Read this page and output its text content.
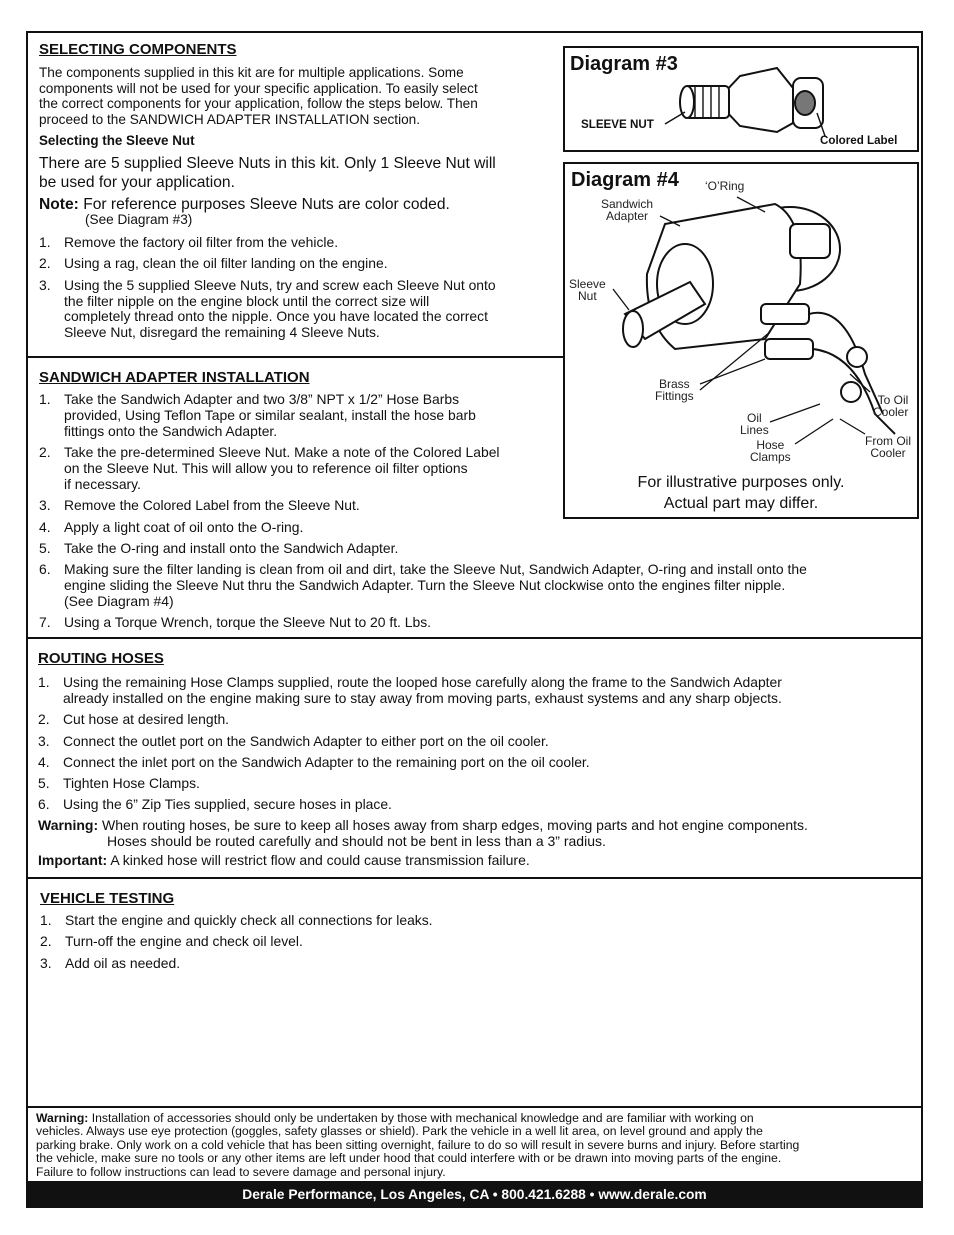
SELECTING COMPONENTS
The components supplied in this kit are for multiple applications. Some
components will not be used for your specific application. To easily select
the correct components for your application, follow the steps below. Then
proceed to the SANDWICH ADAPTER INSTALLATION section.
Selecting the Sleeve Nut
There are 5 supplied Sleeve Nuts in this kit. Only 1 Sleeve Nut will
be used for your application.
Note: For reference purposes Sleeve Nuts are color coded.
(See Diagram #3)
1. Remove the factory oil filter from the vehicle.
2. Using a rag, clean the oil filter landing on the engine.
3. Using the 5 supplied Sleeve Nuts, try and screw each Sleeve Nut onto
the filter nipple on the engine block until the correct size will
completely thread onto the nipple. Once you have located the correct
Sleeve Nut, disregard the remaining 4 Sleeve Nuts.
Diagram #3
SLEEVE NUT
Colored Label
Diagram #4 ‘O’Ring
Sandwich
Adapter
Sleeve
Nut
Brass
Fittings
Oil
Lines
Hose
Clamps
To Oil
Cooler
From Oil
Cooler
For illustrative purposes only.
Actual part may differ.
SANDWICH ADAPTER INSTALLATION
1. Take the Sandwich Adapter and two 3/8” NPT x 1/2” Hose Barbs
provided, Using Teflon Tape or similar sealant, install the hose barb
fittings onto the Sandwich Adapter.
2. Take the pre-determined Sleeve Nut. Make a note of the Colored Label
on the Sleeve Nut. This will allow you to reference oil filter options
if necessary.
3. Remove the Colored Label from the Sleeve Nut.
4. Apply a light coat of oil onto the O-ring.
5. Take the O-ring and install onto the Sandwich Adapter.
6. Making sure the filter landing is clean from oil and dirt, take the Sleeve Nut, Sandwich Adapter, O-ring and install onto the
engine sliding the Sleeve Nut thru the Sandwich Adapter. Turn the Sleeve Nut clockwise onto the engines filter nipple.
(See Diagram #4)
7. Using a Torque Wrench, torque the Sleeve Nut to 20 ft. Lbs.
ROUTING HOSES
1. Using the remaining Hose Clamps supplied, route the looped hose carefully along the frame to the Sandwich Adapter
already installed on the engine making sure to stay away from moving parts, exhaust systems and any sharp objects.
2. Cut hose at desired length.
3. Connect the outlet port on the Sandwich Adapter to either port on the oil cooler.
4. Connect the inlet port on the Sandwich Adapter to the remaining port on the oil cooler.
5. Tighten Hose Clamps.
6. Using the 6” Zip Ties supplied, secure hoses in place.
Warning: When routing hoses, be sure to keep all hoses away from sharp edges, moving parts and hot engine components.
Hoses should be routed carefully and should not be bent in less than a 3” radius.
Important: A kinked hose will restrict flow and could cause transmission failure.
VEHICLE TESTING
1. Start the engine and quickly check all connections for leaks.
2. Turn-off the engine and check oil level.
3. Add oil as needed.
Warning: Installation of accessories should only be undertaken by those with mechanical knowledge and are familiar with working on
vehicles. Always use eye protection (goggles, safety glasses or shield). Park the vehicle in a well lit area, on level ground and apply the
parking brake. Only work on a cold vehicle that has been sitting overnight, failure to do so will result in severe burns and injury. Before starting
the vehicle, make sure no tools or any other items are left under hood that could interfere with or be drawn into moving parts of the engine.
Failure to follow instructions can lead to severe damage and personal injury.
Derale Performance, Los Angeles, CA • 800.421.6288 • www.derale.com
